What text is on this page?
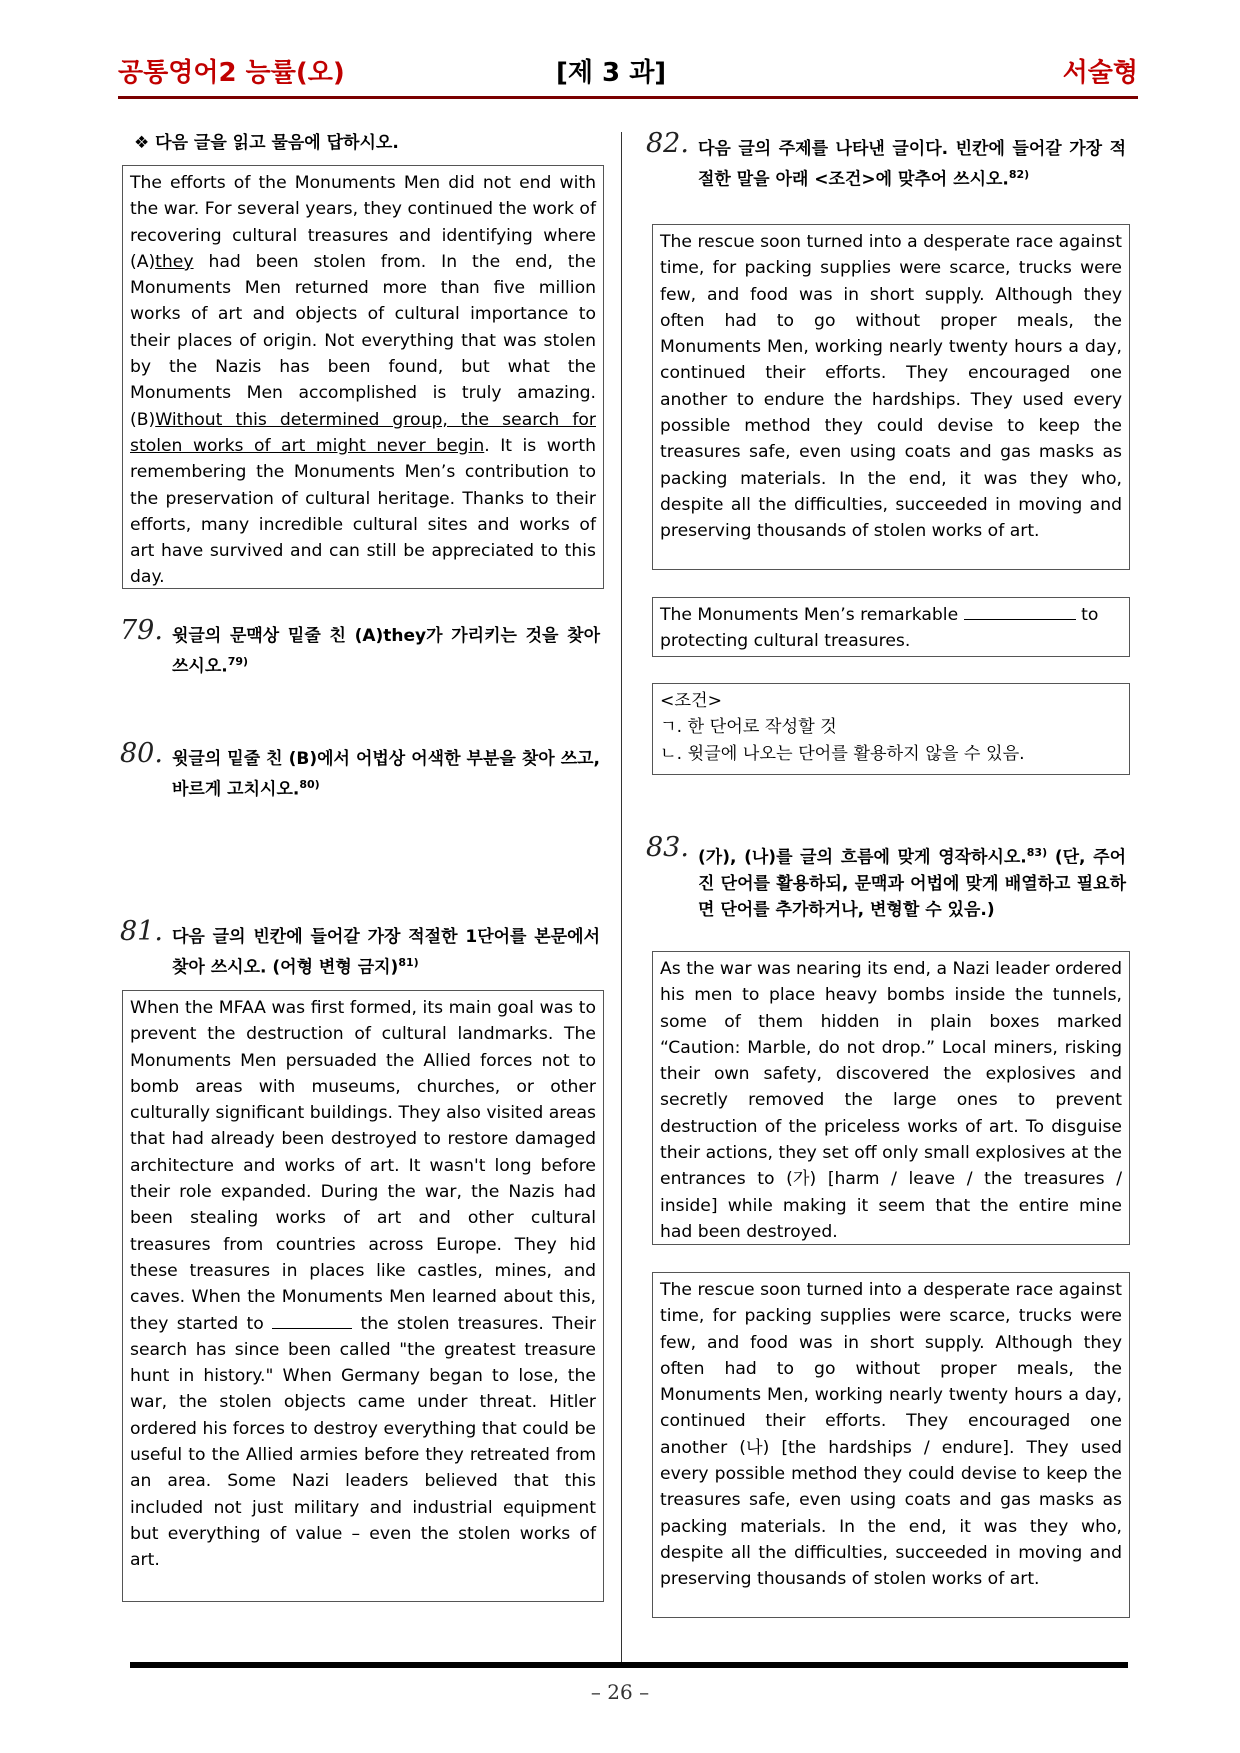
공통영어2 능률(오)	[제 3 과]	서술형
❖ 다음 글을 읽고 물음에 답하시오.

The efforts of the Monuments Men did not end with the war. For several years, they continued the work of recovering cultural treasures and identifying where (A)they had been stolen from. In the end, the Monuments Men returned more than five million works of art and objects of cultural importance to their places of origin. Not everything that was stolen by the Nazis has been found, but what the Monuments Men accomplished is truly amazing. (B)Without this determined group, the search for stolen works of art might never begin. It is worth remembering the Monuments Men’s contribution to the preservation of cultural heritage. Thanks to their efforts, many incredible cultural sites and works of art have survived and can still be appreciated to this day.

79. 윗글의 문맥상 밑줄 친 (A)they가 가리키는 것을 찾아 쓰시오.$^{79)}$
80. 윗글의 밑줄 친 (B)에서 어법상 어색한 부분을 찾아 쓰고, 바르게 고치시오.$^{80)}$
81. 다음 글의 빈칸에 들어갈 가장 적절한 1단어를 본문에서 찾아 쓰시오. (어형 변형 금지)$^{81)}$

When the MFAA was first formed, its main goal was to prevent the destruction of cultural landmarks. The Monuments Men persuaded the Allied forces not to bomb areas with museums, churches, or other culturally significant buildings. They also visited areas that had already been destroyed to restore damaged architecture and works of art. It wasn't long before their role expanded. During the war, the Nazis had been stealing works of art and other cultural treasures from countries across Europe. They hid these treasures in places like castles, mines, and caves. When the Monuments Men learned about this, they started to	the stolen treasures. Their search has since been called "the greatest treasure hunt in history." When Germany began to lose, the war, the stolen objects came under threat. Hitler ordered his forces to destroy everything that could be useful to the Allied armies before they retreated from an area. Some Nazi leaders believed that this included not just military and industrial equipment but everything of value – even the stolen works of art.

82. 다음 글의 주제를 나타낸 글이다. 빈칸에 들어갈 가장 적절한 말을 아래 <조건>에 맞추어 쓰시오.$^{82)}$

The rescue soon turned into a desperate race against time, for packing supplies were scarce, trucks were few, and food was in short supply. Although they often had to go without proper meals, the Monuments Men, working nearly twenty hours a day, continued their efforts. They encouraged one another to endure the hardships. They used every possible method they could devise to keep the treasures safe, even using coats and gas masks as packing materials. In the end, it was they who, despite all the difficulties, succeeded in moving and preserving thousands of stolen works of art.

The Monuments Men’s remarkable	to protecting cultural treasures.

<조건>

ㄱ. 한 단어로 작성할 것

ㄴ. 윗글에 나오는 단어를 활용하지 않을 수 있음.

83. (가), (나)를 글의 흐름에 맞게 영작하시오.$^{83)}$ (단, 주어진 단어를 활용하되, 문맥과 어법에 맞게 배열하고 필요하면 단어를 추가하거나, 변형할 수 있음.)

As the war was nearing its end, a Nazi leader ordered his men to place heavy bombs inside the tunnels, some of them hidden in plain boxes marked “Caution: Marble, do not drop.” Local miners, risking their own safety, discovered the explosives and secretly removed the large ones to prevent destruction of the priceless works of art. To disguise their actions, they set off only small explosives at the entrances to (가) [harm / leave / the treasures / inside] while making it seem that the entire mine had been destroyed.

The rescue soon turned into a desperate race against time, for packing supplies were scarce, trucks were few, and food was in short supply. Although they often had to go without proper meals, the Monuments Men, working nearly twenty hours a day, continued their efforts. They encouraged one another (나) [the hardships / endure]. They used every possible method they could devise to keep the treasures safe, even using coats and gas masks as packing materials. In the end, it was they who, despite all the difficulties, succeeded in moving and preserving thousands of stolen works of art.

– 26 –
